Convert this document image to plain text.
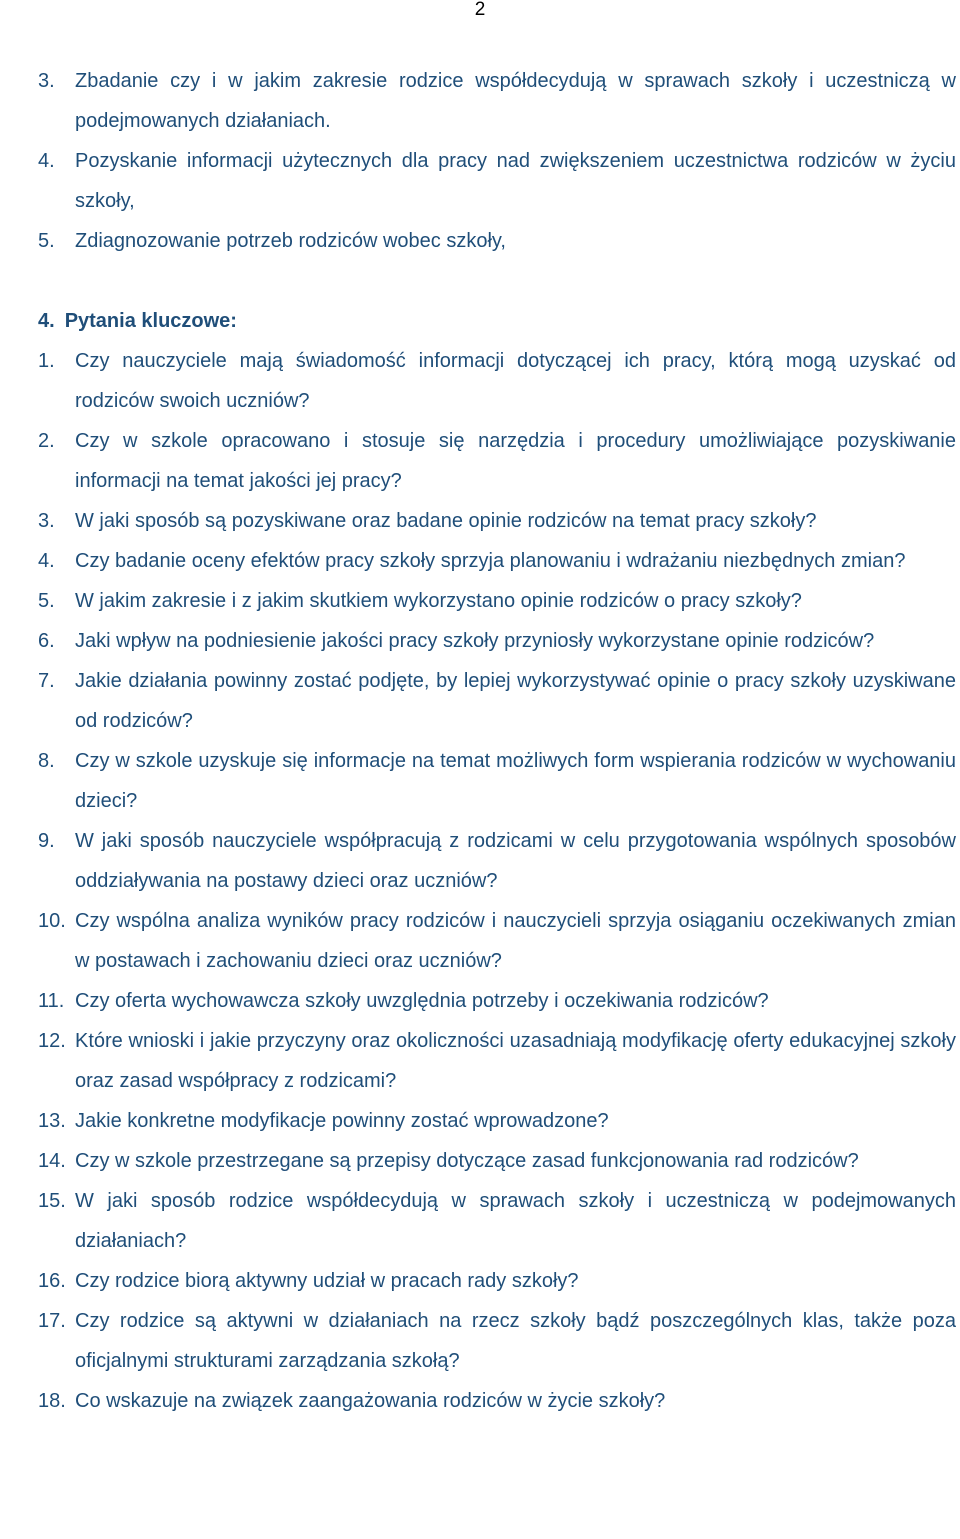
2
3. Zbadanie czy i w jakim zakresie rodzice współdecydują w sprawach szkoły i uczestniczą w podejmowanych działaniach.
4. Pozyskanie informacji użytecznych dla pracy nad zwiększeniem uczestnictwa rodziców w życiu szkoły,
5. Zdiagnozowanie potrzeb rodziców wobec szkoły,
4. Pytania kluczowe:
1. Czy nauczyciele mają świadomość informacji dotyczącej ich pracy, którą mogą uzyskać od rodziców swoich uczniów?
2. Czy w szkole opracowano i stosuje się narzędzia i procedury umożliwiające pozyskiwanie informacji na temat jakości jej pracy?
3. W jaki sposób są pozyskiwane oraz badane opinie rodziców na temat pracy szkoły?
4. Czy badanie oceny efektów pracy szkoły sprzyja planowaniu i wdrażaniu niezbędnych zmian?
5. W jakim zakresie i z jakim skutkiem wykorzystano opinie rodziców o pracy szkoły?
6. Jaki wpływ na podniesienie jakości pracy szkoły przyniosły wykorzystane opinie rodziców?
7. Jakie działania powinny zostać podjęte, by lepiej wykorzystywać opinie o pracy szkoły uzyskiwane od rodziców?
8. Czy w szkole uzyskuje się informacje na temat możliwych form wspierania rodziców w wychowaniu dzieci?
9. W jaki sposób nauczyciele współpracują z rodzicami w celu przygotowania wspólnych sposobów oddziaływania na postawy dzieci oraz uczniów?
10. Czy wspólna analiza wyników pracy rodziców i nauczycieli sprzyja osiąganiu oczekiwanych zmian w postawach i zachowaniu dzieci oraz uczniów?
11. Czy oferta wychowawcza szkoły uwzględnia potrzeby i oczekiwania rodziców?
12. Które wnioski i jakie przyczyny oraz okoliczności uzasadniają modyfikację oferty edukacyjnej szkoły oraz zasad współpracy z rodzicami?
13. Jakie konkretne modyfikacje powinny zostać wprowadzone?
14. Czy w szkole przestrzegane są przepisy dotyczące zasad funkcjonowania rad rodziców?
15. W jaki sposób rodzice współdecydują w sprawach szkoły i uczestniczą w podejmowanych działaniach?
16. Czy rodzice biorą aktywny udział w pracach rady szkoły?
17. Czy rodzice są aktywni w działaniach na rzecz szkoły bądź poszczególnych klas, także poza oficjalnymi strukturami zarządzania szkołą?
18. Co wskazuje na związek zaangażowania rodziców w życie szkoły?
